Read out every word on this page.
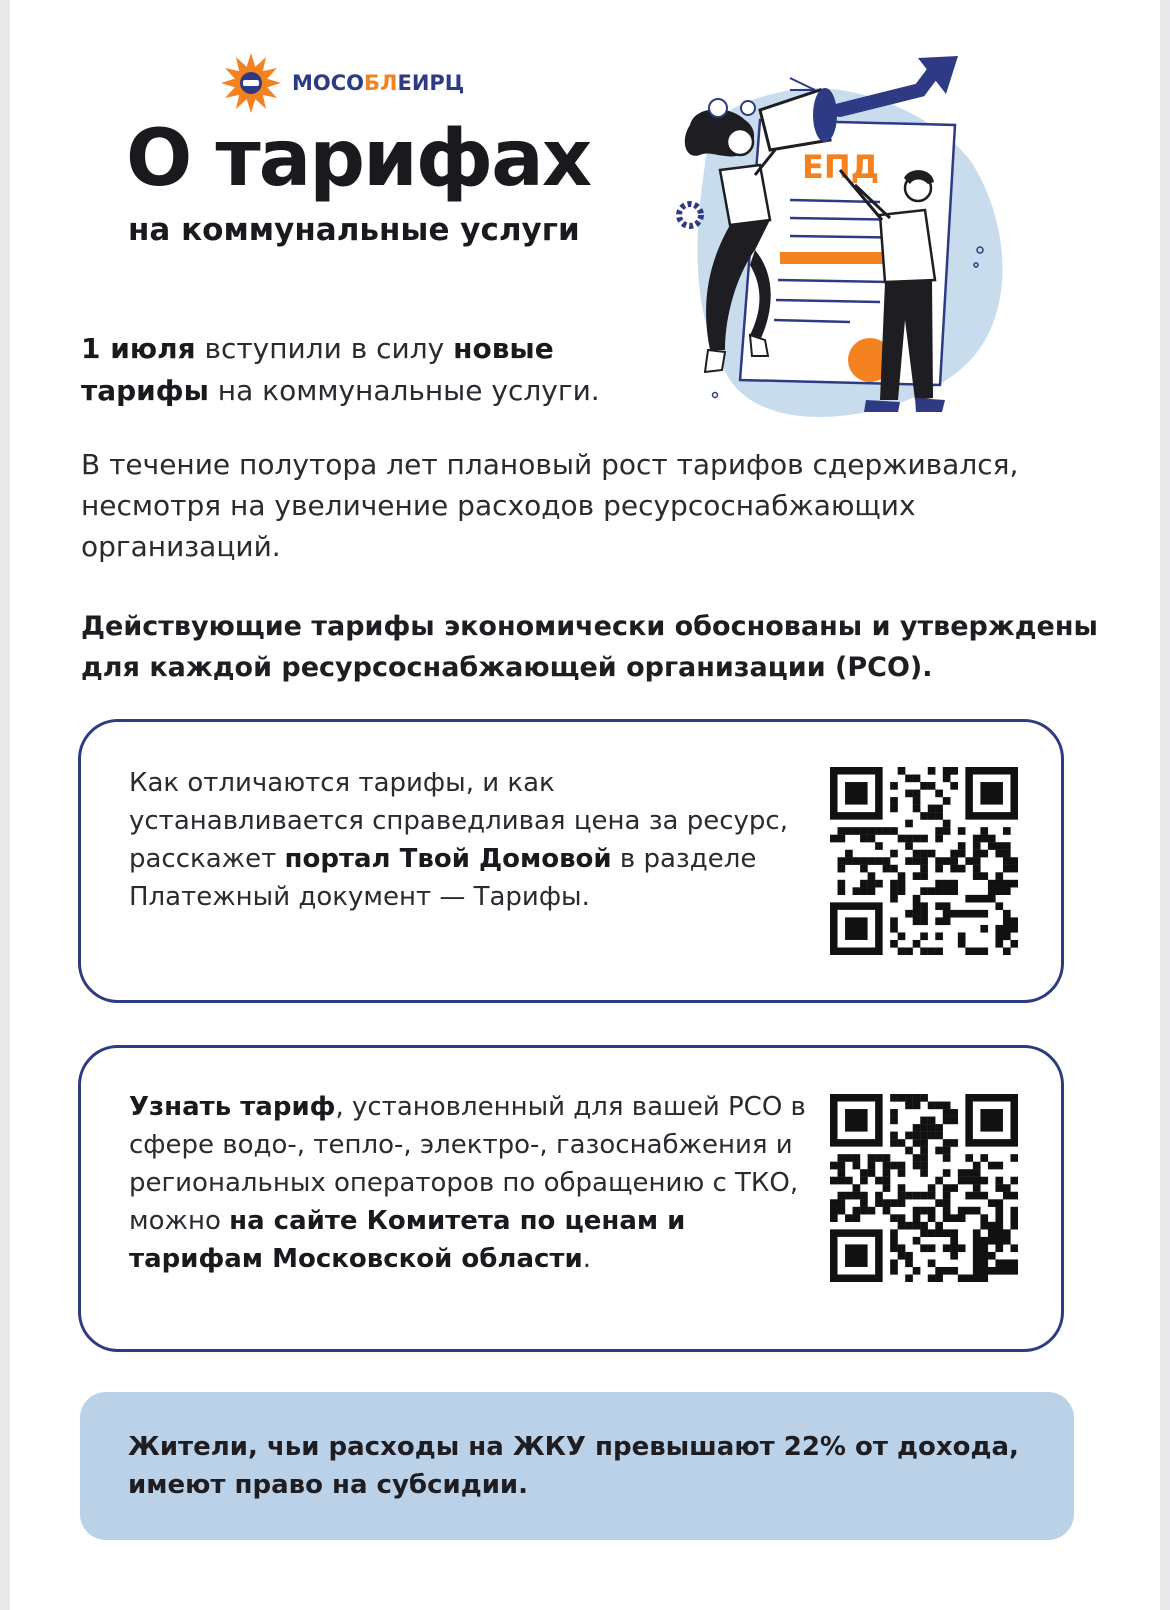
МОСОБЛЕИРЦ
О тарифах
на коммунальные услуги
ЕПД
1 июля вступили в силу новые тарифы на коммунальные услуги.
В течение полутора лет плановый рост тарифов сдерживался, несмотря на увеличение расходов ресурсоснабжающих организаций.
Действующие тарифы экономически обоснованы и утверждены для каждой ресурсоснабжающей организации (РСО).
Как отличаются тарифы, и как устанавливается справедливая цена за ресурс, расскажет портал Твой Домовой в разделе Платежный документ — Тарифы.
Узнать тариф, установленный для вашей РСО в сфере водо-, тепло-, электро-, газоснабжения и региональных операторов по обращению с ТКО, можно на сайте Комитета по ценам и тарифам Московской области.
Жители, чьи расходы на ЖКУ превышают 22% от дохода, имеют право на субсидии.
